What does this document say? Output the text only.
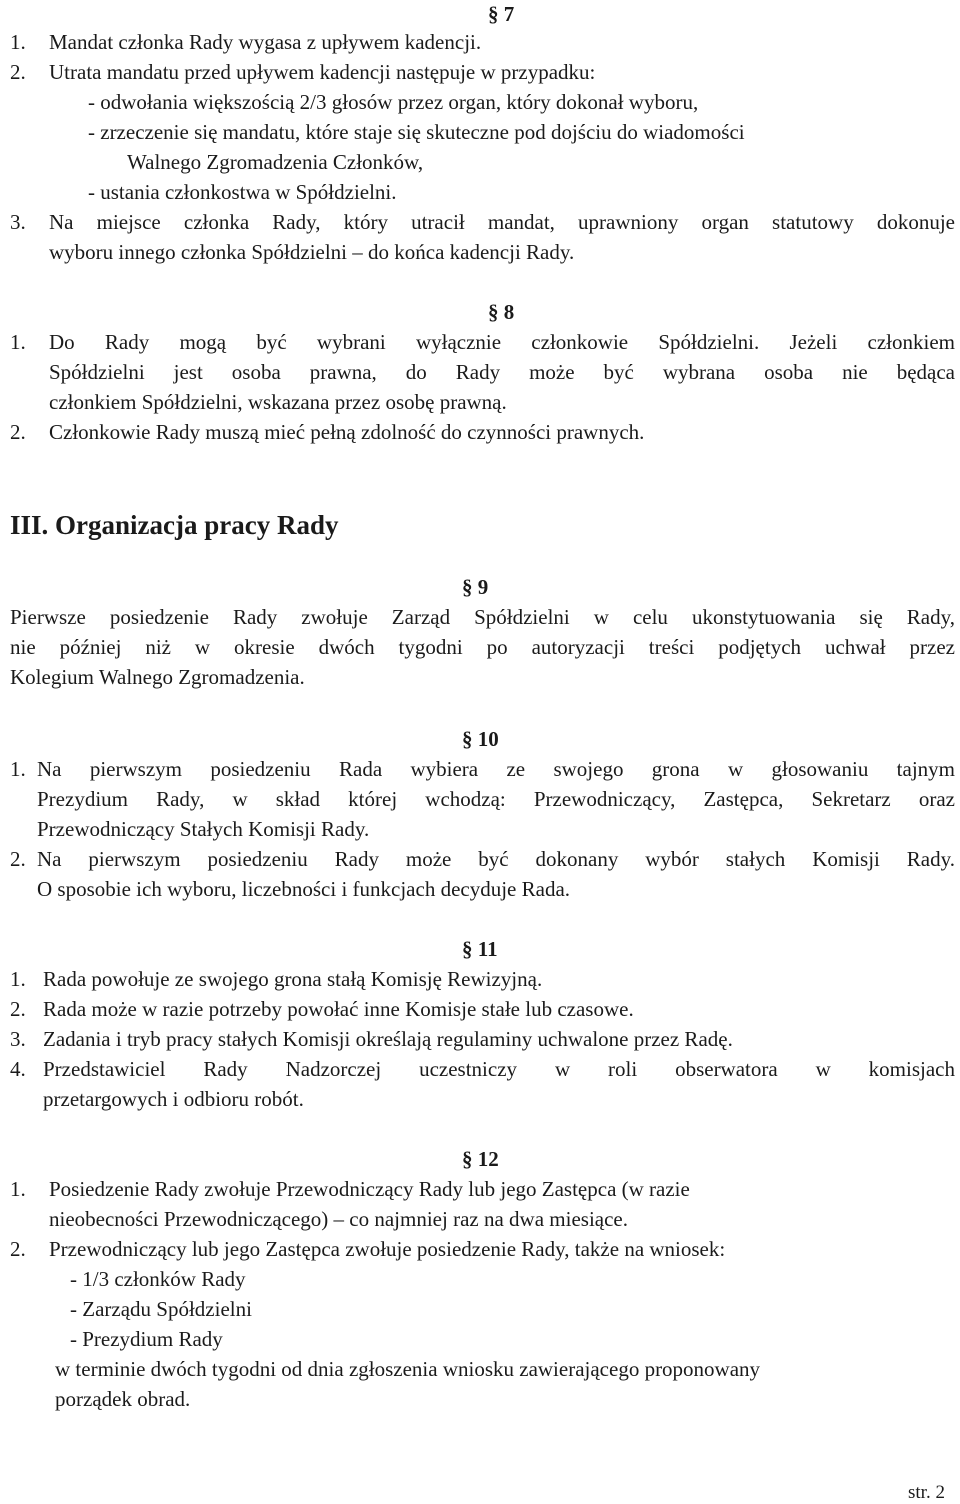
§ 7
1. Mandat członka Rady wygasa z upływem kadencji.
2. Utrata mandatu przed upływem kadencji następuje w przypadku:
- odwołania większością 2/3 głosów przez organ, który dokonał wyboru,
- zrzeczenie się mandatu, które staje się skuteczne pod dojściu do wiadomości
Walnego Zgromadzenia Członków,
- ustania członkostwa w Spółdzielni.
3. Na miejsce członka Rady, który utracił mandat, uprawniony organ statutowy dokonuje
wyboru innego członka Spółdzielni – do końca kadencji Rady.
§ 8
1. Do Rady mogą być wybrani wyłącznie członkowie Spółdzielni. Jeżeli członkiem
Spółdzielni jest osoba prawna, do Rady może być wybrana osoba nie będąca
członkiem Spółdzielni, wskazana przez osobę prawną.
2. Członkowie Rady muszą mieć pełną zdolność do czynności prawnych.
III. Organizacja pracy Rady
§ 9
Pierwsze posiedzenie Rady zwołuje Zarząd Spółdzielni w celu ukonstytuowania się Rady,
nie później niż w okresie dwóch tygodni po autoryzacji treści podjętych uchwał przez
Kolegium Walnego Zgromadzenia.
§ 10
1. Na pierwszym posiedzeniu Rada wybiera ze swojego grona w głosowaniu tajnym
Prezydium Rady, w skład której wchodzą: Przewodniczący, Zastępca, Sekretarz oraz
Przewodniczący Stałych Komisji Rady.
2. Na pierwszym posiedzeniu Rady może być dokonany wybór stałych Komisji Rady.
O sposobie ich wyboru, liczebności i funkcjach decyduje Rada.
§ 11
1. Rada powołuje ze swojego grona stałą Komisję Rewizyjną.
2. Rada może w razie potrzeby powołać inne Komisje stałe lub czasowe.
3. Zadania i tryb pracy stałych Komisji określają regulaminy uchwalone przez Radę.
4. Przedstawiciel Rady Nadzorczej uczestniczy w roli obserwatora w komisjach
przetargowych i odbioru robót.
§ 12
1. Posiedzenie Rady zwołuje Przewodniczący Rady lub jego Zastępca (w razie
nieobecności Przewodniczącego) – co najmniej raz na dwa miesiące.
2. Przewodniczący lub jego Zastępca zwołuje posiedzenie Rady, także na wniosek:
- 1/3 członków Rady
- Zarządu Spółdzielni
- Prezydium Rady
w terminie dwóch tygodni od dnia zgłoszenia wniosku zawierającego proponowany
porządek obrad.
str. 2
